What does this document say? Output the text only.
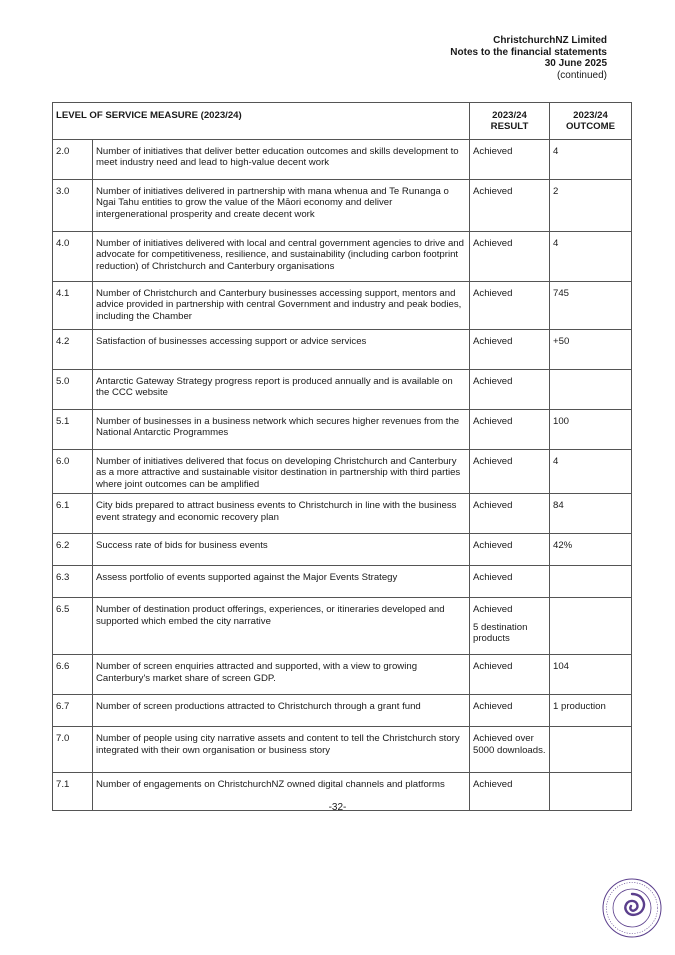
ChristchurchNZ Limited
Notes to the financial statements
30 June 2025
(continued)
LEVEL OF SERVICE MEASURE (2023/24)		2023/24 RESULT	2023/24 OUTCOME
2.0	Number of initiatives that deliver better education outcomes and skills development to meet industry need and lead to high-value decent work	Achieved	4
3.0	Number of initiatives delivered in partnership with mana whenua and Te Runanga o Ngai Tahu entities to grow the value of the Māori economy and deliver intergenerational prosperity and create decent work	Achieved	2
4.0	Number of initiatives delivered with local and central government agencies to drive and advocate for competitiveness, resilience, and sustainability (including carbon footprint reduction) of Christchurch and Canterbury organisations	Achieved	4
4.1	Number of Christchurch and Canterbury businesses accessing support, mentors and advice provided in partnership with central Government and industry and peak bodies, including the Chamber	Achieved	745
4.2	Satisfaction of businesses accessing support or advice services	Achieved	+50
5.0	Antarctic Gateway Strategy progress report is produced annually and is available on the CCC website	Achieved	

5.1	Number of businesses in a business network which secures higher revenues from the National Antarctic Programmes	Achieved	100
6.0	Number of initiatives delivered that focus on developing Christchurch and Canterbury as a more attractive and sustainable visitor destination in partnership with third parties where joint outcomes can be amplified	Achieved	4
6.1	City bids prepared to attract business events to Christchurch in line with the business event strategy and economic recovery plan	Achieved	84
6.2	Success rate of bids for business events	Achieved	42%
6.3	Assess portfolio of events supported against the Major Events Strategy	Achieved	

6.5	Number of destination product offerings, experiences, or itineraries developed and supported which embed the city narrative	Achieved
5 destination products	

6.6	Number of screen enquiries attracted and supported, with a view to growing Canterbury's market share of screen GDP.	Achieved	104
6.7	Number of screen productions attracted to Christchurch through a grant fund	Achieved	1 production
7.0	Number of people using city narrative assets and content to tell the Christchurch story integrated with their own organisation or business story	Achieved over 5000 downloads.	

7.1	Number of engagements on ChristchurchNZ owned digital channels and platforms	Achieved	

-32-
